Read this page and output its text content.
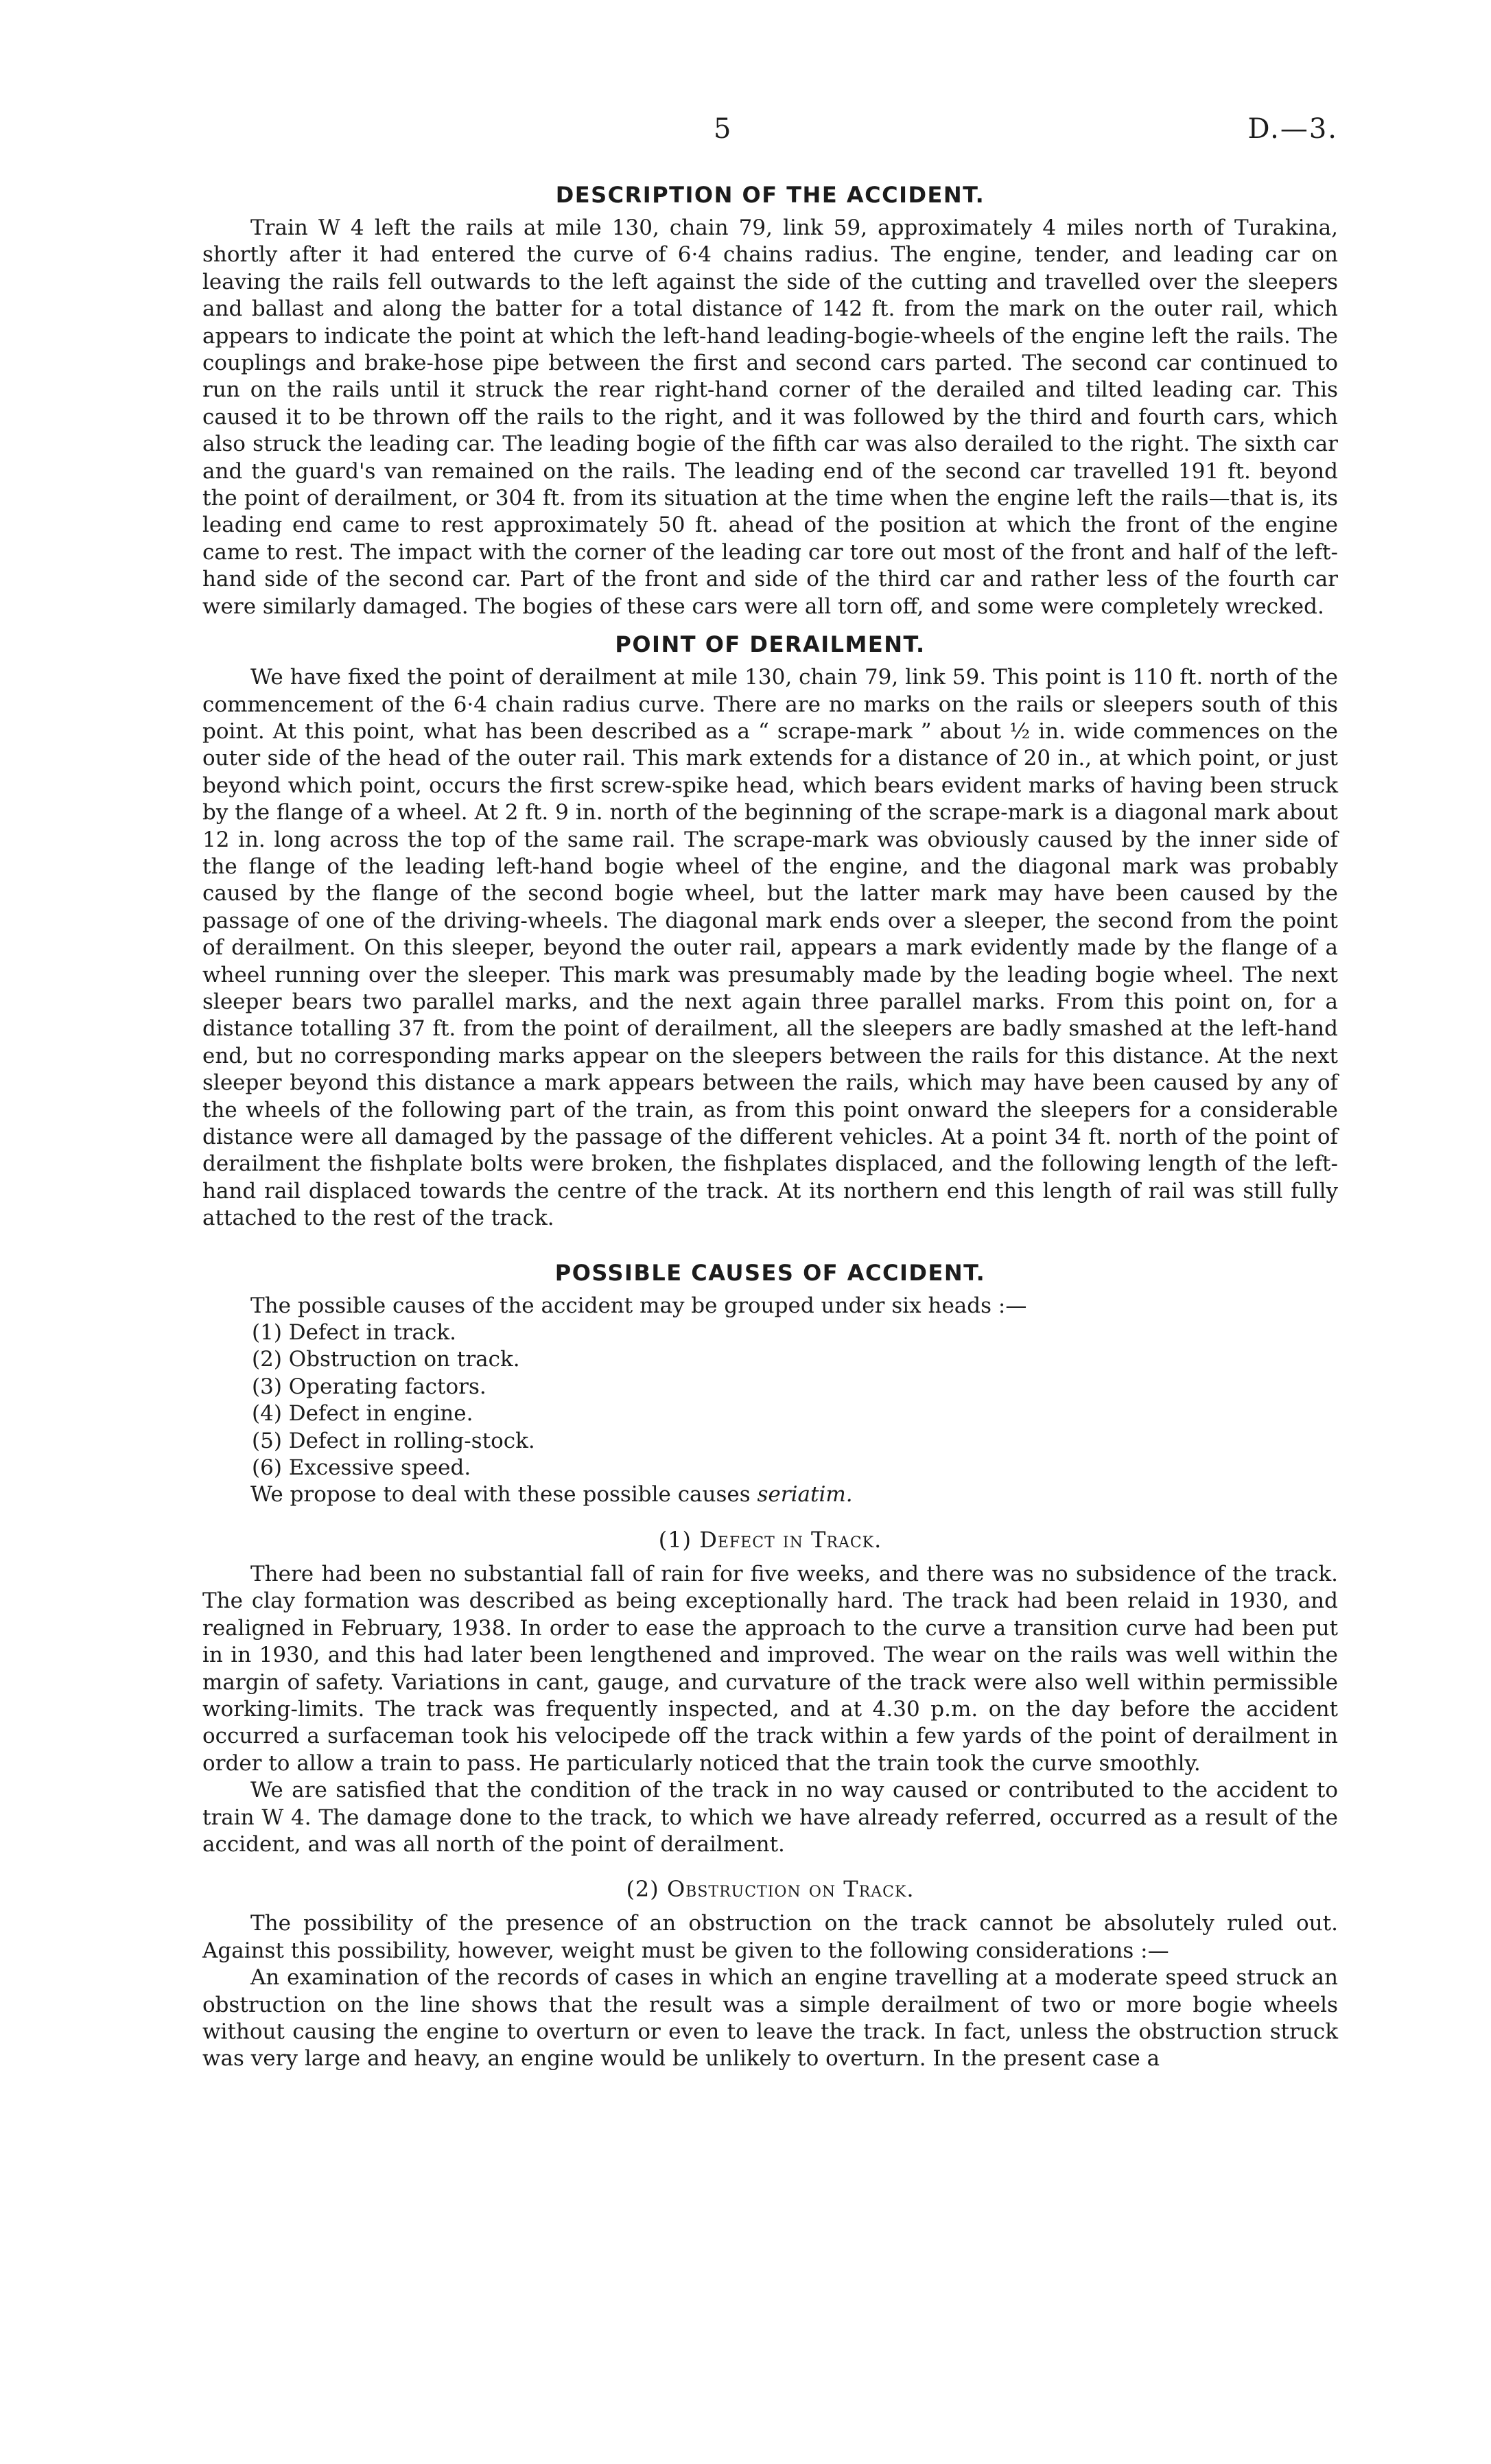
5	D.—3.
DESCRIPTION OF THE ACCIDENT.

Train W 4 left the rails at mile 130, chain 79, link 59, approximately 4 miles north of Turakina, shortly after it had entered the curve of 6·4 chains radius. The engine, tender, and leading car on leaving the rails fell outwards to the left against the side of the cutting and travelled over the sleepers and ballast and along the batter for a total distance of 142 ft. from the mark on the outer rail, which appears to indicate the point at which the left-hand leading-bogie-wheels of the engine left the rails. The couplings and brake-hose pipe between the first and second cars parted. The second car continued to run on the rails until it struck the rear right-hand corner of the derailed and tilted leading car. This caused it to be thrown off the rails to the right, and it was followed by the third and fourth cars, which also struck the leading car. The leading bogie of the fifth car was also derailed to the right. The sixth car and the guard's van remained on the rails. The leading end of the second car travelled 191 ft. beyond the point of derailment, or 304 ft. from its situation at the time when the engine left the rails—that is, its leading end came to rest approximately 50 ft. ahead of the position at which the front of the engine came to rest. The impact with the corner of the leading car tore out most of the front and half of the left-hand side of the second car. Part of the front and side of the third car and rather less of the fourth car were similarly damaged. The bogies of these cars were all torn off, and some were completely wrecked.

POINT OF DERAILMENT.

We have fixed the point of derailment at mile 130, chain 79, link 59. This point is 110 ft. north of the commencement of the 6·4 chain radius curve. There are no marks on the rails or sleepers south of this point. At this point, what has been described as a “ scrape-mark ” about ½ in. wide commences on the outer side of the head of the outer rail. This mark extends for a distance of 20 in., at which point, or just beyond which point, occurs the first screw-spike head, which bears evident marks of having been struck by the flange of a wheel. At 2 ft. 9 in. north of the beginning of the scrape-mark is a diagonal mark about 12 in. long across the top of the same rail. The scrape-mark was obviously caused by the inner side of the flange of the leading left-hand bogie wheel of the engine, and the diagonal mark was probably caused by the flange of the second bogie wheel, but the latter mark may have been caused by the passage of one of the driving-wheels. The diagonal mark ends over a sleeper, the second from the point of derailment. On this sleeper, beyond the outer rail, appears a mark evidently made by the flange of a wheel running over the sleeper. This mark was presumably made by the leading bogie wheel. The next sleeper bears two parallel marks, and the next again three parallel marks. From this point on, for a distance totalling 37 ft. from the point of derailment, all the sleepers are badly smashed at the left-hand end, but no corresponding marks appear on the sleepers between the rails for this distance. At the next sleeper beyond this distance a mark appears between the rails, which may have been caused by any of the wheels of the following part of the train, as from this point onward the sleepers for a considerable distance were all damaged by the passage of the different vehicles. At a point 34 ft. north of the point of derailment the fishplate bolts were broken, the fishplates displaced, and the following length of the left-hand rail displaced towards the centre of the track. At its northern end this length of rail was still fully attached to the rest of the track.

POSSIBLE CAUSES OF ACCIDENT.

The possible causes of the accident may be grouped under six heads :—

(1) Defect in track.
(2) Obstruction on track.
(3) Operating factors.
(4) Defect in engine.
(5) Defect in rolling-stock.
(6) Excessive speed.

We propose to deal with these possible causes seriatim.

(1) Defect in Track.

There had been no substantial fall of rain for five weeks, and there was no subsidence of the track. The clay formation was described as being exceptionally hard. The track had been relaid in 1930, and realigned in February, 1938. In order to ease the approach to the curve a transition curve had been put in in 1930, and this had later been lengthened and improved. The wear on the rails was well within the margin of safety. Variations in cant, gauge, and curvature of the track were also well within permissible working-limits. The track was frequently inspected, and at 4.30 p.m. on the day before the accident occurred a surfaceman took his velocipede off the track within a few yards of the point of derailment in order to allow a train to pass. He particularly noticed that the train took the curve smoothly.

We are satisfied that the condition of the track in no way caused or contributed to the accident to train W 4. The damage done to the track, to which we have already referred, occurred as a result of the accident, and was all north of the point of derailment.

(2) Obstruction on Track.

The possibility of the presence of an obstruction on the track cannot be absolutely ruled out. Against this possibility, however, weight must be given to the following considerations :—

An examination of the records of cases in which an engine travelling at a moderate speed struck an obstruction on the line shows that the result was a simple derailment of two or more bogie wheels without causing the engine to overturn or even to leave the track. In fact, unless the obstruction struck was very large and heavy, an engine would be unlikely to overturn. In the present case a
